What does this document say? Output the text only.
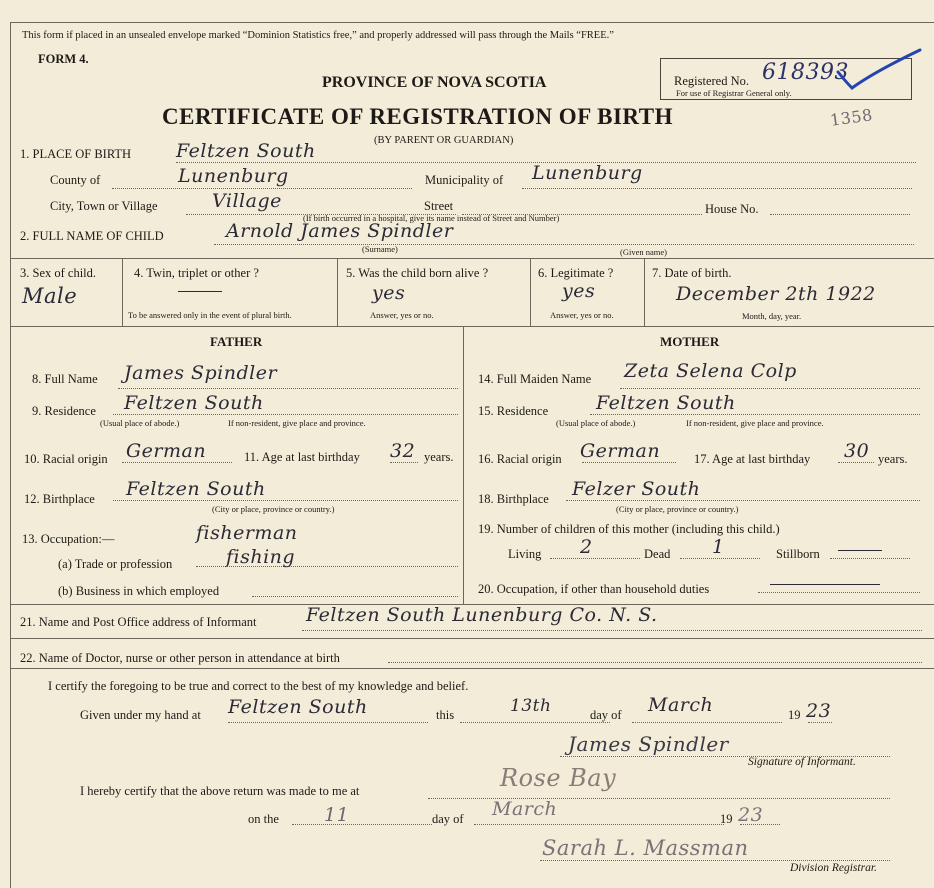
This form if placed in an unsealed envelope marked “Dominion Statistics free,” and properly addressed will pass through the Mails “FREE.”
FORM 4.
PROVINCE OF NOVA SCOTIA
CERTIFICATE OF REGISTRATION OF BIRTH
(BY PARENT OR GUARDIAN)
Registered No. 618393
For use of Registrar General only.
1358
1. PLACE OF BIRTH Feltzen South
County of	Lunenburg	Municipality of Lunenburg
City, Town or Village	Village	Street	House No.
(If birth occurred in a hospital, give its name instead of Street and Number)
2. FULL NAME OF CHILD	Arnold James Spindler
(Surname)	(Given name)
3. Sex of child.
Male
4. Twin, triplet or other ?
To be answered only in the event of plural birth.
5. Was the child born alive ?
yes
Answer, yes or no.
6. Legitimate ?
yes
Answer, yes or no.
7. Date of birth.
December 2th 1922
Month, day, year.
FATHER	MOTHER
8. Full Name James Spindler
9. Residence Feltzen South
(Usual place of abode.)	If non-resident, give place and province.
10. Racial origin German	11. Age at last birthday 32 years.
12. Birthplace Feltzen South
(City or place, province or country.)
13. Occupation:—	fisherman
(a) Trade or profession	fishing
(b) Business in which employed
14. Full Maiden Name Zeta Selena Colp
15. Residence	Feltzen South
(Usual place of abode.)	If non-resident, give place and province.
16. Racial origin German	17. Age at last birthday 30 years.
18. Birthplace Felzer South
(City or place, province or country.)
19. Number of children of this mother (including this child.)
Living 2	Dead 1	Stillborn
20. Occupation, if other than household duties
21. Name and Post Office address of Informant	Feltzen South Lunenburg Co. N. S.
22. Name of Doctor, nurse or other person in attendance at birth
I certify the foregoing to be true and correct to the best of my knowledge and belief.
Given under my hand at Feltzen South	this	13th	day of March	19 23
James Spindler
Signature of Informant.
I hereby certify that the above return was made to me at	Rose Bay
on the 11	day of March	19 23
Sarah L. Massman
Division Registrar.
